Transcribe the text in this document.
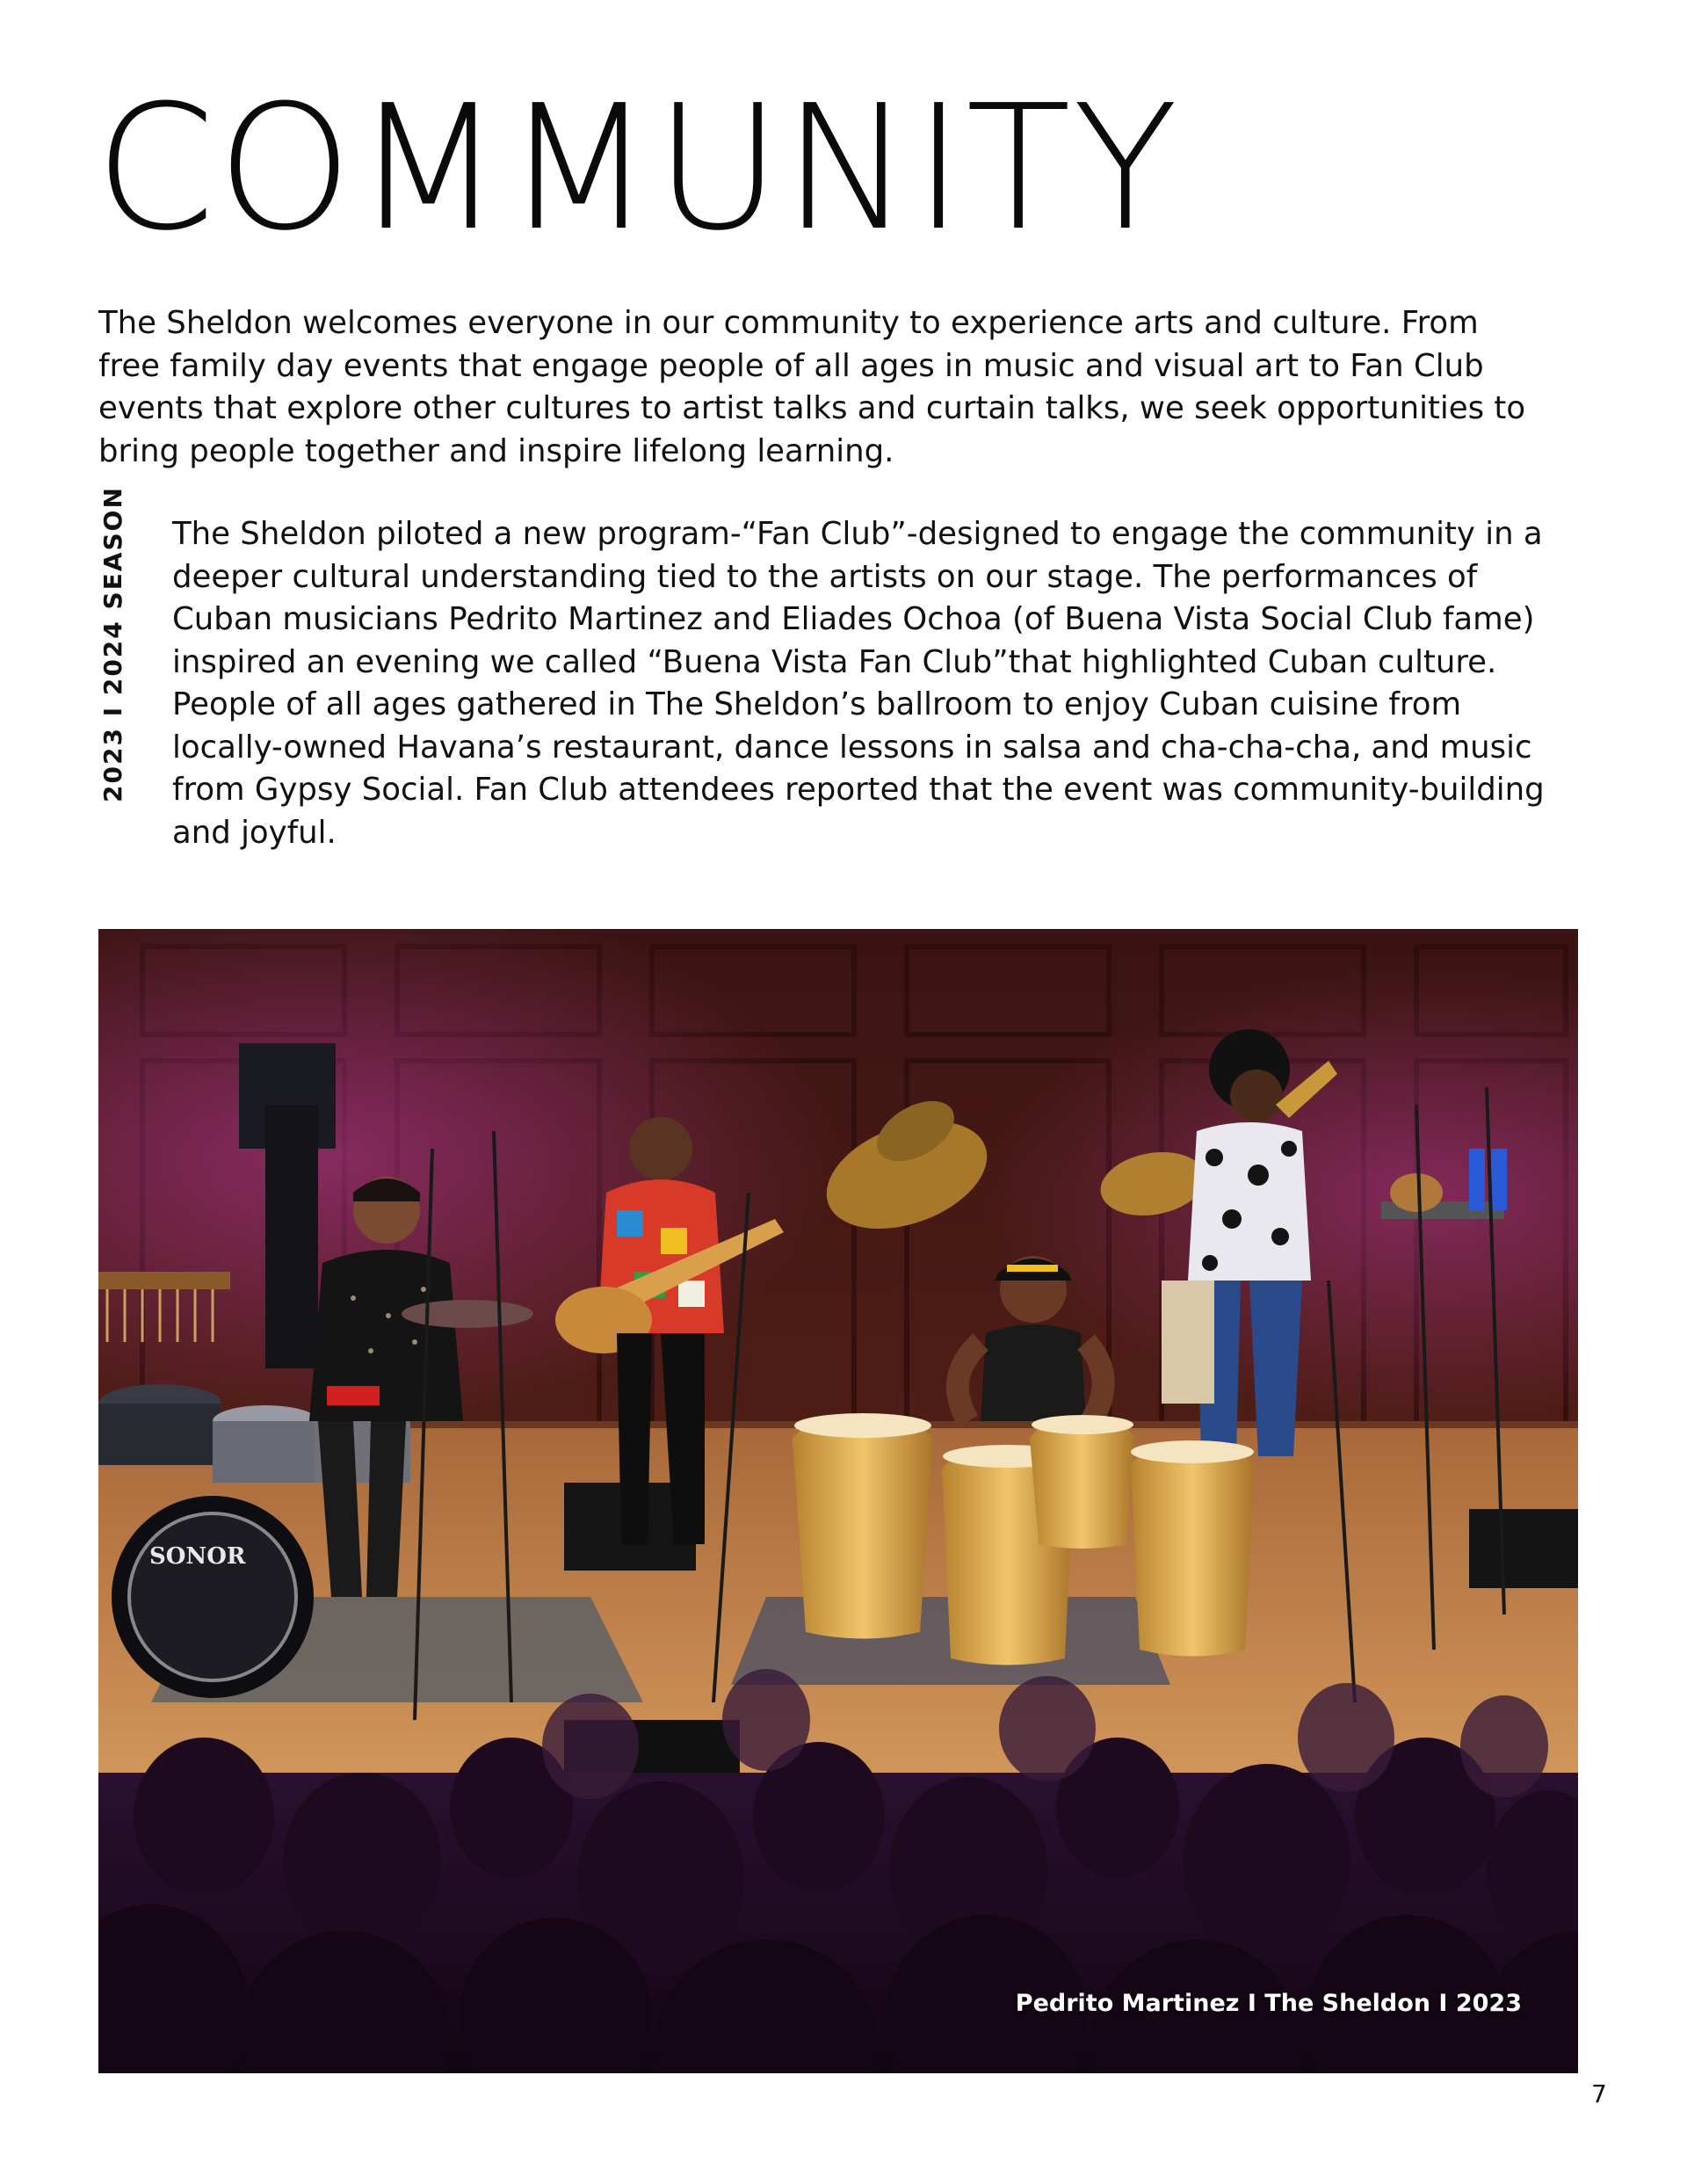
COMMUNITY

The Sheldon welcomes everyone in our community to experience arts and culture. From free family day events that engage people of all ages in music and visual art to Fan Club events that explore other cultures to artist talks and curtain talks, we seek opportunities to bring people together and inspire lifelong learning.

2023 I 2024 SEASON The Sheldon piloted a new program-“Fan Club”-designed to engage the community in a deeper cultural understanding tied to the artists on our stage. The performances of Cuban musicians Pedrito Martinez and Eliades Ochoa (of Buena Vista Social Club fame) inspired an evening we called “Buena Vista Fan Club”that highlighted Cuban culture. People of all ages gathered in The Sheldon’s ballroom to enjoy Cuban cuisine from locally-owned Havana’s restaurant, dance lessons in salsa and cha-cha-cha, and music from Gypsy Social. Fan Club attendees reported that the event was community-building and joyful.

SONOR
Pedrito Martinez I The Sheldon I 2023
7
